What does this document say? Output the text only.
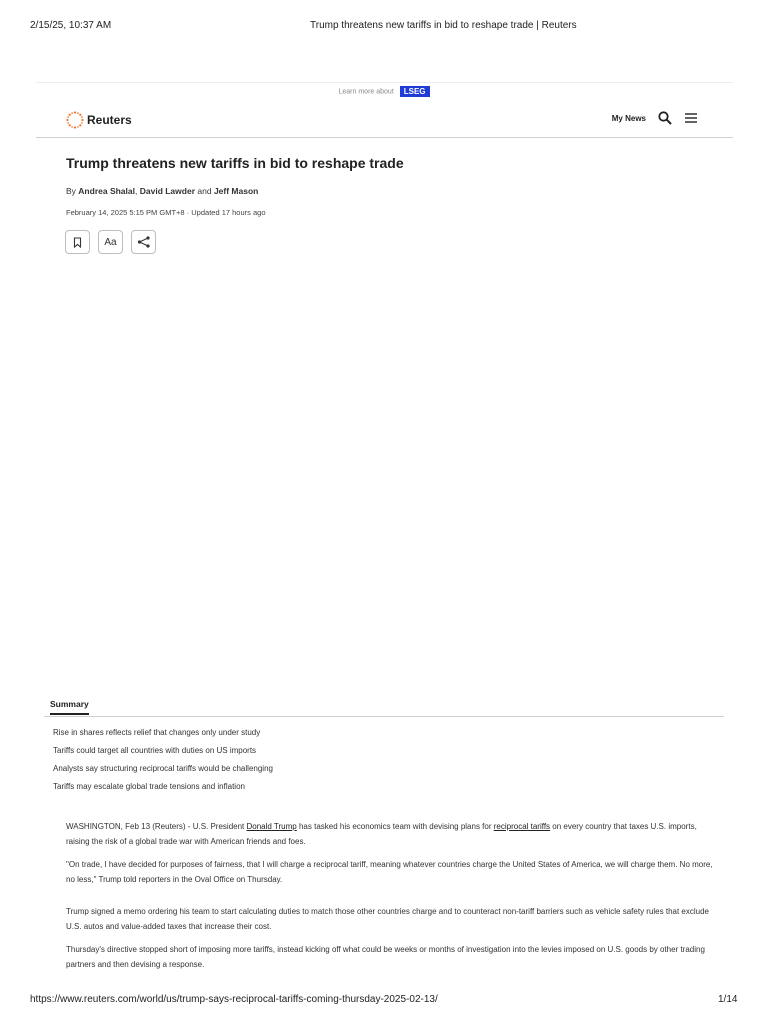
2/15/25, 10:37 AM	Trump threatens new tariffs in bid to reshape trade | Reuters
Learn more about LSEG
Reuters	My News
Trump threatens new tariffs in bid to reshape trade
By Andrea Shalal, David Lawder and Jeff Mason
February 14, 2025 5:15 PM GMT+8 · Updated 17 hours ago
Aa
Summary
Rise in shares reflects relief that changes only under study
Tariffs could target all countries with duties on US imports
Analysts say structuring reciprocal tariffs would be challenging
Tariffs may escalate global trade tensions and inflation

WASHINGTON, Feb 13 (Reuters) - U.S. President Donald Trump has tasked his economics team with devising plans for reciprocal tariffs on every country that taxes U.S. imports, raising the risk of a global trade war with American friends and foes.

"On trade, I have decided for purposes of fairness, that I will charge a reciprocal tariff, meaning whatever countries charge the United States of America, we will charge them. No more, no less," Trump told reporters in the Oval Office on Thursday.

Trump signed a memo ordering his team to start calculating duties to match those other countries charge and to counteract non-tariff barriers such as vehicle safety rules that exclude U.S. autos and value-added taxes that increase their cost.

Thursday's directive stopped short of imposing more tariffs, instead kicking off what could be weeks or months of investigation into the levies imposed on U.S. goods by other trading partners and then devising a response.

https://www.reuters.com/world/us/trump-says-reciprocal-tariffs-coming-thursday-2025-02-13/	1/14
